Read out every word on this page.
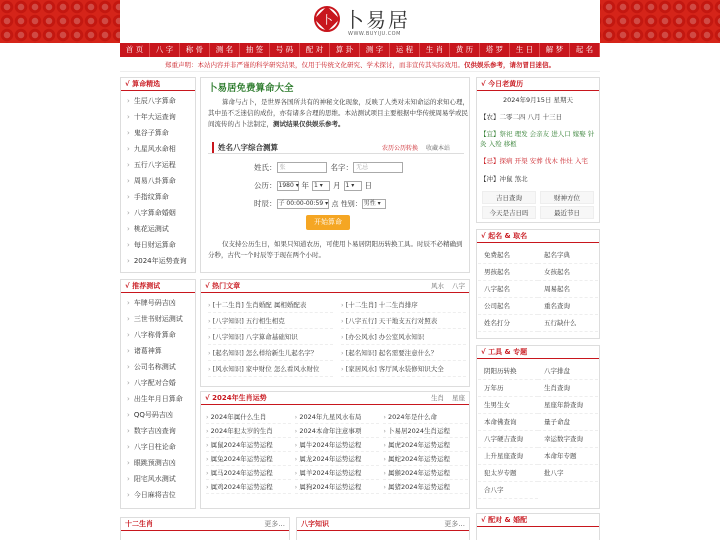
卜 卜易居
WWW.BUYIJU.COM
首 页	八 字	称 骨	测 名	抽 签	号 码	配 对	算 卦	测 字	运 程	生 肖	黄 历	塔 罗	生 日	解 梦	起 名
郑重声明：本站内容并非严谨的科学研究结果，仅用于传统文化研究、学术探讨，而非宣传其实际效用。仅供娱乐参考，请勿冒目迷信。
√ 算命精选
› 生辰八字算命
› 十年大运查询
› 鬼谷子算命
› 九星风水命相
› 五行八字运程
› 周易八卦算命
› 手指纹算命
› 八字算命婚姻
› 桃花运测试
› 每日财运算命
› 2024年运势查询
√ 推荐测试
› 车牌号码吉凶
› 三世书财运测试
› 八字称骨算命
› 诸葛神算
› 公司名称测试
› 八字配对合婚
› 出生年月日算命
› QQ号码吉凶
› 数字吉凶查询
› 八字日柱论命
› 眼跳预测吉凶
› 阳宅风水测试
› 今日麻将吉位
卜易居免费算命大全
算命与占卜，是世界各国所共有的神秘文化现象，反映了人类对未知命运的求知心理，其中虽不乏迷信的成份，亦有诸多合理的思维。本站测试项目主要根据中华传统周易学或民间流传的占卜法制定，测试结果仅供娱乐参考。
姓名八字综合测算	农历公历转换 收藏本站
姓氏： 张	名字： 无忌
公历： 1980 ▾ 年 1 ▾	月 1 ▾	日
时辰： 子 00:00-00:59 ▾ 点 性别： 男性 ▾
开始算命
仅支持公历生日，如果只知道农历，可使用卜易居阴阳历转换工具。时辰不必精确到分秒，古代一个时辰等于现在两个小时。
√ 热门文章	风水 八字
› [十二生肖] 生肖婚配 属相婚配表	› [十二生肖] 十二生肖排序
› [八字知识] 五行相生相克	› [八字五行] 天干地支五行对照表
› [八字知识] 八字算命基础知识	› [办公风水] 办公室风水知识
› [起名知识] 怎么样给新生儿起名字？	› [起名知识] 起名需要注意什么？
› [风水知识] 家中财位 怎么看风水财位	› [家居风水] 客厅风水装修知识大全
√ 2024年生肖运势	生肖 星座
› 2024年属什么生肖	› 2024年九星风水布局	› 2024年是什么命
› 2024年犯太岁的生肖	› 2024本命年注意事项	› 卜易居2024生肖运程
› 属鼠2024年运势运程	› 属牛2024年运势运程	› 属虎2024年运势运程
› 属兔2024年运势运程	› 属龙2024年运势运程	› 属蛇2024年运势运程
› 属马2024年运势运程	› 属羊2024年运势运程	› 属猴2024年运势运程
› 属鸡2024年运势运程	› 属狗2024年运势运程	› 属猪2024年运势运程
√ 今日老黄历
2024年9月15日 星期天
【农】二零二四 八月 十三日
【宜】祭祀 理发 会亲友 进人口 嫁娶 针灸 入殓 移柩
【忌】探病 开渠 安葬 伐木 作灶 入宅
【冲】冲鼠 煞北
吉日查询	财神方位
今天是吉日吗	最近节日
√ 起名 & 取名
免费起名	起名字典
男孩起名	女孩起名
八字起名	周易起名
公司起名	重名查询
姓名打分	五行缺什么
√ 工具 & 专题
阴阳历转换	八字排盘
万年历	生肖查询
生男生女	星座年龄查询
本命佛查询	量子命盘
八字硬吉查询	幸运数字查询
上升星座查询	本命年专题
犯太岁专题	批八字
合八字
十二生肖	更多...	八字知识	更多...	√ 配对 & 婚配
